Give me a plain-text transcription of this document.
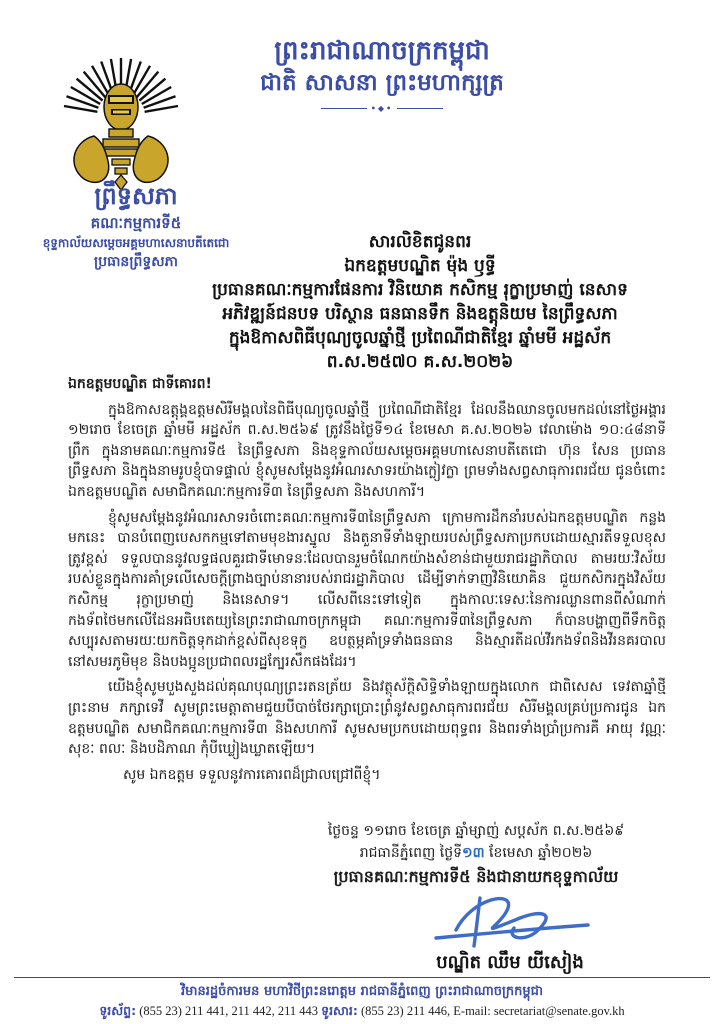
ព្រះរាជាណាចក្រកម្ពុជា
ជាតិ សាសនា ព្រះមហាក្សត្រ
•◆•
ព្រឹទ្ធសភា
គណៈកម្មការទី៥
ខុទ្ទកាល័យសម្តេចអគ្គមហាសេនាបតីតេជោ
ប្រធានព្រឹទ្ធសភា
សារលិខិតជូនពរ
ឯកឧត្តមបណ្ឌិត ម៉ុង ឫទ្ធី
ប្រធានគណៈកម្មការផែនការ វិនិយោគ កសិកម្ម រុក្ខាប្រមាញ់ នេសាទ
អភិវឌ្ឍន៍ជនបទ បរិស្ថាន ធនធានទឹក និងឧត្តុនិយម នៃព្រឹទ្ធសភា
ក្នុងឱកាសពិធីបុណ្យចូលឆ្នាំថ្មី ប្រពៃណីជាតិខ្មែរ ឆ្នាំមមី អដ្ឋស័ក
ព.ស.២៥៧០ គ.ស.២០២៦
ឯកឧត្តមបណ្ឌិត ជាទីគោរព!
ក្នុងឱកាសឧត្តុង្គឧត្តមសិរីមង្គលនៃពិធីបុណ្យចូលឆ្នាំថ្មី ប្រពៃណីជាតិខ្មែរ ដែលនឹងឈានចូលមកដល់នៅថ្ងៃអង្គារ ១២រោច ខែចេត្រ ឆ្នាំមមី អដ្ឋស័ក ព.ស.២៥៦៩ ត្រូវនឹងថ្ងៃទី១៤ ខែមេសា គ.ស.២០២៦ វេលាម៉ោង ១០:៤៨នាទីព្រឹក ក្នុងនាមគណៈកម្មការទី៥ នៃព្រឹទ្ធសភា និងខុទ្ទកាល័យសម្តេចអគ្គមហាសេនាបតីតេជោ ហ៊ុន សែន ប្រធានព្រឹទ្ធសភា និងក្នុងនាមរូបខ្ញុំបាទផ្ទាល់ ខ្ញុំសូមសម្តែងនូវអំណរសាទរយ៉ាងក្លៀវក្លា ព្រមទាំងសព្វសាធុការពរជ័យ ជូនចំពោះឯកឧត្តមបណ្ឌិត សមាជិកគណៈកម្មការទី៣ នៃព្រឹទ្ធសភា និងសហការី។
ខ្ញុំសូមសម្តែងនូវអំណរសាទរចំពោះគណៈកម្មការទី៣នៃព្រឹទ្ធសភា ក្រោមការដឹកនាំរបស់ឯកឧត្តមបណ្ឌិត កន្លងមកនេះ បានបំពេញបេសកកម្មទៅតាមមុខងារស្នូល និងតួនាទីទាំងឡាយរបស់ព្រឹទ្ធសភាប្រកបដោយស្មារតីទទួលខុសត្រូវខ្ពស់ ទទួលបាននូវលទ្ធផលគួរជាទីមោទនៈដែលបានរួមចំណែកយ៉ាងសំខាន់ជាមួយរាជរដ្ឋាភិបាល តាមរយៈវិស័យរបស់ខ្លួនក្នុងការគាំទ្រលើសេចក្តីព្រាងច្បាប់នានារបស់រាជរដ្ឋាភិបាល ដើម្បីទាក់ទាញវិនិយោគិន ជួយកសិករក្នុងវិស័យកសិកម្ម រុក្ខាប្រមាញ់ និងនេសាទ។ លើសពីនេះទៅទៀត ក្នុងកាលៈទេសៈនៃការឈ្លានពានពីសំណាក់កងទ័ពថៃមកលើដែនអធិបតេយ្យនៃព្រះរាជាណាចក្រកម្ពុជា គណៈកម្មការទី៣នៃព្រឹទ្ធសភា ក៏បានបង្ហាញពីទឹកចិត្តសប្បុរសតាមរយៈយកចិត្តទុកដាក់ខ្ពស់ពីសុខទុក្ខ ឧបត្ថម្ភគាំទ្រទាំងធនធាន និងស្មារតីដល់វីរកងទ័ពនិងវីរនគរបាលនៅសមរភូមិមុខ និងបងប្អូនប្រជាពលរដ្ឋក្បែរសឹកផងដែរ។
យើងខ្ញុំសូមបួងសួងដល់គុណបុណ្យព្រះរតនត្រ័យ និងវត្ថុស័ក្តិសិទ្ធិទាំងឡាយក្នុងលោក ជាពិសេស ទេវតាឆ្នាំថ្មី ព្រះនាម ភក្សាទេវី សូមព្រះមេត្តាតាមជួយបីបាច់ថែរក្សាប្រោះព្រំនូវសព្វសាធុការពរជ័យ សិរីមង្គលគ្រប់ប្រការជូន ឯកឧត្តមបណ្ឌិត សមាជិកគណៈកម្មការទី៣ និងសហការី សូមសមប្រកបដោយពុទ្ធពរ និងពរទាំងប្រាំប្រការគឺ អាយុ វណ្ណៈ សុខៈ ពលៈ និងបដិភាណ កុំបីឃ្លៀងឃ្លាតឡើយ។
សូម ឯកឧត្តម ទទួលនូវការគោរពដ៏ជ្រាលជ្រៅពីខ្ញុំ។
ថ្ងៃចន្ទ ១១រោច ខែចេត្រ ឆ្នាំម្សាញ់ សប្តស័ក ព.ស.២៥៦៩
រាជធានីភ្នំពេញ ថ្ងៃទី១៣ ខែមេសា ឆ្នាំ២០២៦
ប្រធានគណៈកម្មការទី៥ និងជានាយកខុទ្ទកាល័យ
បណ្ឌិត ឈឹម យីសៀង
វិមានរដ្ឋចំការមន មហាវិថីព្រះនរោត្តម រាជធានីភ្នំពេញ ព្រះរាជាណាចក្រកម្ពុជា
ទូរស័ព្ទ: (855 23) 211 441, 211 442, 211 443 ទូរសារ: (855 23) 211 446, E-mail: secretariat@senate.gov.kh
